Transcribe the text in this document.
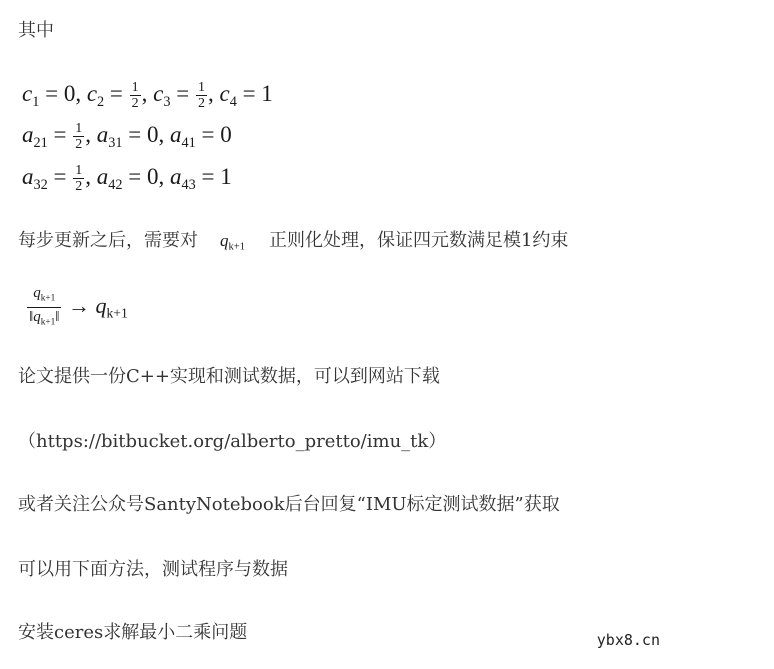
其中
$c_1 = 0$, $c_2 = \frac{1}{2}$ , $c_3 = \frac{1}{2}$ , $c_4 = 1$
$a_{21} = \frac{1}{2}$ , $a_{31} = 0$, $a_{41} = 0$
$a_{32} = \frac{1}{2}$ , $a_{42} = 0$, $a_{43} = 1$
每步更新之后，需要对 $q_{k+1}$ 正则化处理，保证四元数满足模1约束
$\frac{q_{k+1}}{‖q_{k+1}‖} \to q_{k+1}$
论文提供一份C++实现和测试数据，可以到网站下载
（https://bitbucket.org/alberto_pretto/imu_tk）
或者关注公众号SantyNotebook后台回复“IMU标定测试数据”获取
可以用下面方法，测试程序与数据
安装ceres求解最小二乘问题	ybx8.cn
